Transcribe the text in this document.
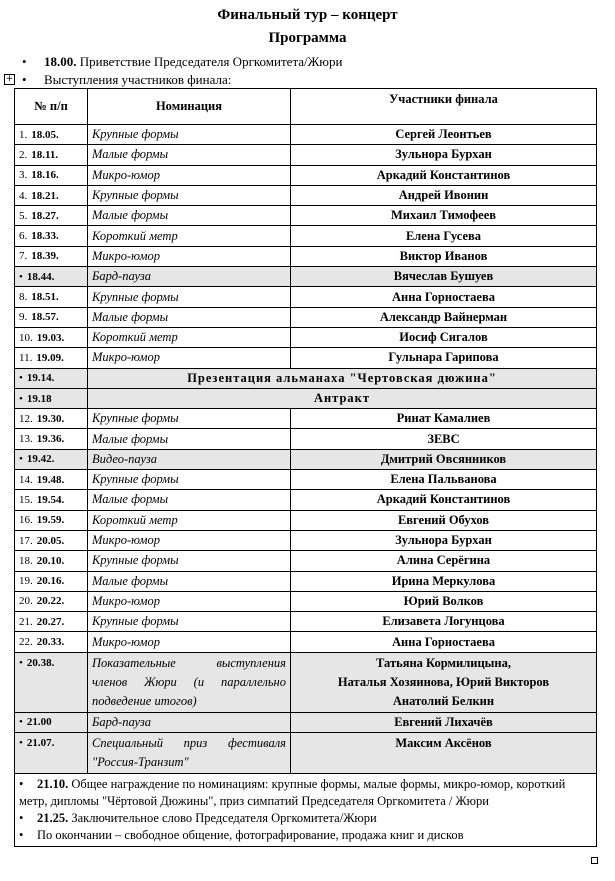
Финальный тур – концерт
Программа
• 18.00. Приветствие Председателя Оргкомитета/Жюри
+ • Выступления участников финала:
№ п/п	Номинация	Участники финала
1. 18.05.	Крупные формы	Сергей Леонтьев
2. 18.11.	Малые формы	Зульнора Бурхан
3. 18.16.	Микро-юмор	Аркадий Константинов
4. 18.21.	Крупные формы	Андрей Ивонин
5. 18.27.	Малые формы	Михаил Тимофеев
6. 18.33.	Короткий метр	Елена Гусева
7. 18.39.	Микро-юмор	Виктор Иванов
• 18.44.	Бард-пауза	Вячеслав Бушуев
8. 18.51.	Крупные формы	Анна Горностаева
9. 18.57.	Малые формы	Александр Вайнерман
10. 19.03.	Короткий метр	Иосиф Сигалов
11. 19.09.	Микро-юмор	Гульнара Гарипова
• 19.14.	Презентация альманаха "Чертовская дюжина"	
• 19.18	Антракт	
12. 19.30.	Крупные формы	Ринат Камалиев
13. 19.36.	Малые формы	ЗЕВС
• 19.42.	Видео-пауза	Дмитрий Овсянников
14. 19.48.	Крупные формы	Елена Пальванова
15. 19.54.	Малые формы	Аркадий Константинов
16. 19.59.	Короткий метр	Евгений Обухов
17. 20.05.	Микро-юмор	Зульнора Бурхан
18. 20.10.	Крупные формы	Алина Серёгина
19. 20.16.	Малые формы	Ирина Меркулова
20. 20.22.	Микро-юмор	Юрий Волков
21. 20.27.	Крупные формы	Елизавета Логунцова
22. 20.33.	Микро-юмор	Анна Горностаева
• 20.38.	Показательные выступления членов Жюри (и параллельно подведение итогов)	Татьяна Кормилицына,
Наталья Хозяинова, Юрий Викторов
Анатолий Белкин
• 21.00	Бард-пауза	Евгений Лихачёв
• 21.07.	Специальный приз фестиваля "Россия-Транзит"	Максим Аксёнов

• 21.10. Общее награждение по номинациям: крупные формы, малые формы, микро-юмор, короткий метр, дипломы "Чёртовой Дюжины", приз симпатий Председателя Оргкомитета / Жюри
• 21.25. Заключительное слово Председателя Оргкомитета/Жюри
• По окончании – свободное общение, фотографирование, продажа книг и дисков		
